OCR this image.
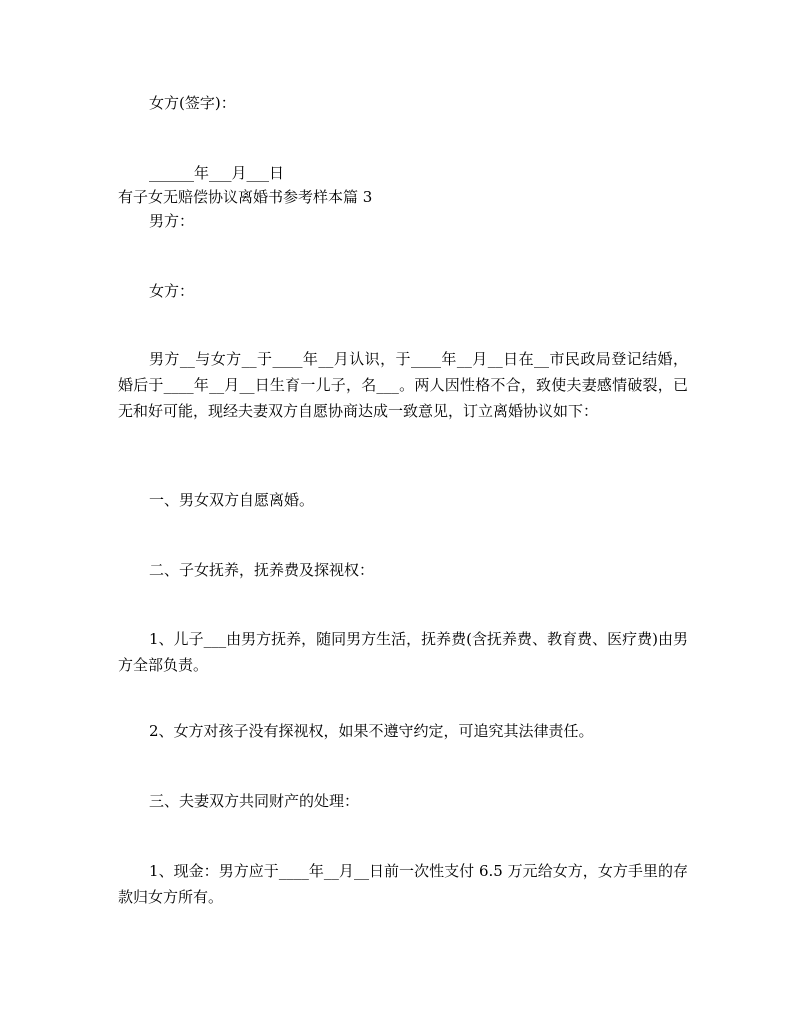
女方(签字)：

______年___月___日

有子女无赔偿协议离婚书参考样本篇 3

男方：

女方：

男方__与女方__于____年__月认识，于____年__月__日在__市民政局登记结婚，婚后于____年__月__日生育一儿子，名___。两人因性格不合，致使夫妻感情破裂，已无和好可能，现经夫妻双方自愿协商达成一致意见，订立离婚协议如下：

一、男女双方自愿离婚。

二、子女抚养，抚养费及探视权：

1、儿子___由男方抚养，随同男方生活，抚养费(含抚养费、教育费、医疗费)由男方全部负责。

2、女方对孩子没有探视权，如果不遵守约定，可追究其法律责任。

三、夫妻双方共同财产的处理：

1、现金：男方应于____年__月__日前一次性支付 6.5 万元给女方，女方手里的存款归女方所有。
